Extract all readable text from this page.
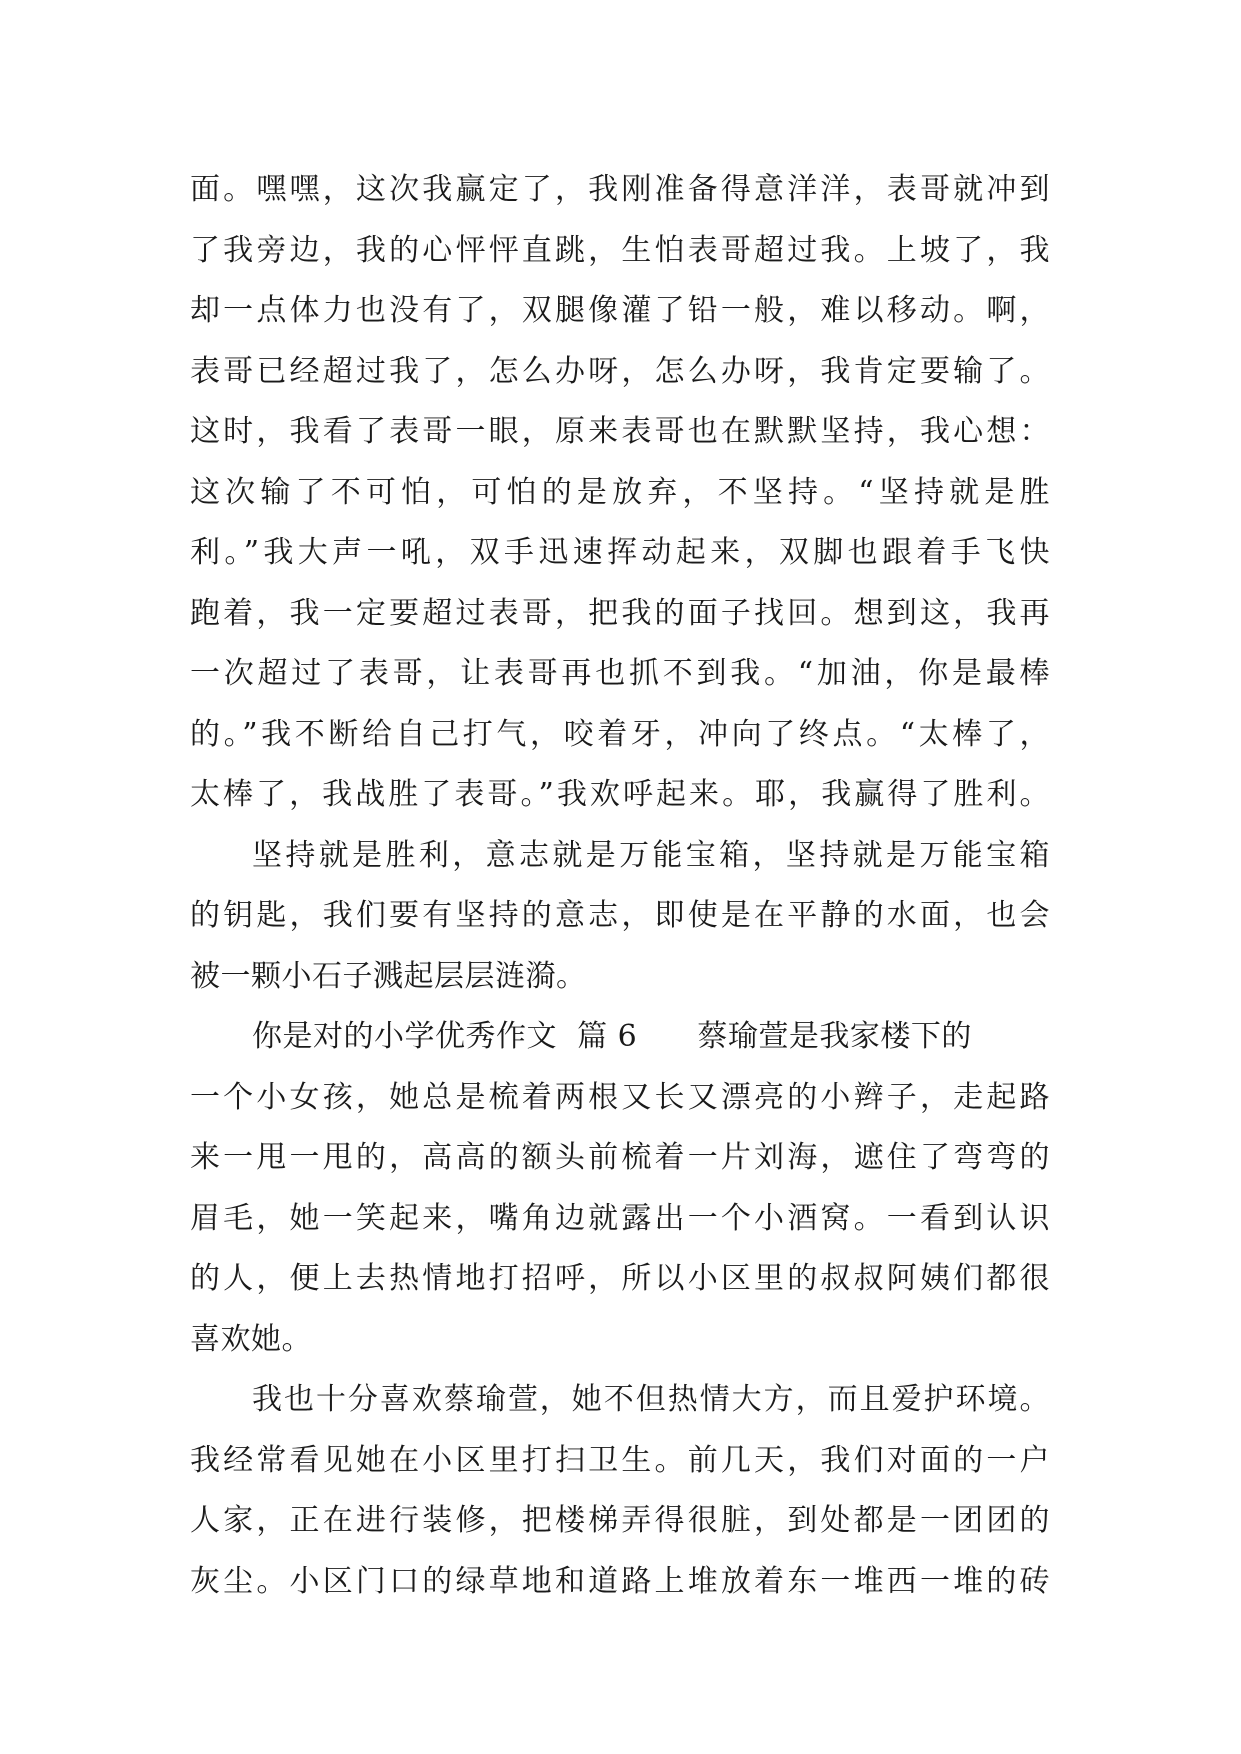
面。嘿嘿，这次我赢定了，我刚准备得意洋洋，表哥就冲到
了我旁边，我的心怦怦直跳，生怕表哥超过我。上坡了，我
却一点体力也没有了，双腿像灌了铅一般，难以移动。啊，
表哥已经超过我了，怎么办呀，怎么办呀，我肯定要输了。
这时，我看了表哥一眼，原来表哥也在默默坚持，我心想：
这次输了不可怕，可怕的是放弃，不坚持。“坚持就是胜
利。”我大声一吼，双手迅速挥动起来，双脚也跟着手飞快
跑着，我一定要超过表哥，把我的面子找回。想到这，我再
一次超过了表哥，让表哥再也抓不到我。“加油，你是最棒
的。”我不断给自己打气，咬着牙，冲向了终点。“太棒了，
太棒了，我战胜了表哥。”我欢呼起来。耶，我赢得了胜利。
坚持就是胜利，意志就是万能宝箱，坚持就是万能宝箱
的钥匙，我们要有坚持的意志，即使是在平静的水面，也会
被一颗小石子溅起层层涟漪。
你是对的小学优秀作文  篇 6      蔡瑜萱是我家楼下的
一个小女孩，她总是梳着两根又长又漂亮的小辫子，走起路
来一甩一甩的，高高的额头前梳着一片刘海，遮住了弯弯的
眉毛，她一笑起来，嘴角边就露出一个小酒窝。一看到认识
的人，便上去热情地打招呼，所以小区里的叔叔阿姨们都很
喜欢她。
我也十分喜欢蔡瑜萱，她不但热情大方，而且爱护环境。
我经常看见她在小区里打扫卫生。前几天，我们对面的一户
人家，正在进行装修，把楼梯弄得很脏，到处都是一团团的
灰尘。小区门口的绿草地和道路上堆放着东一堆西一堆的砖
